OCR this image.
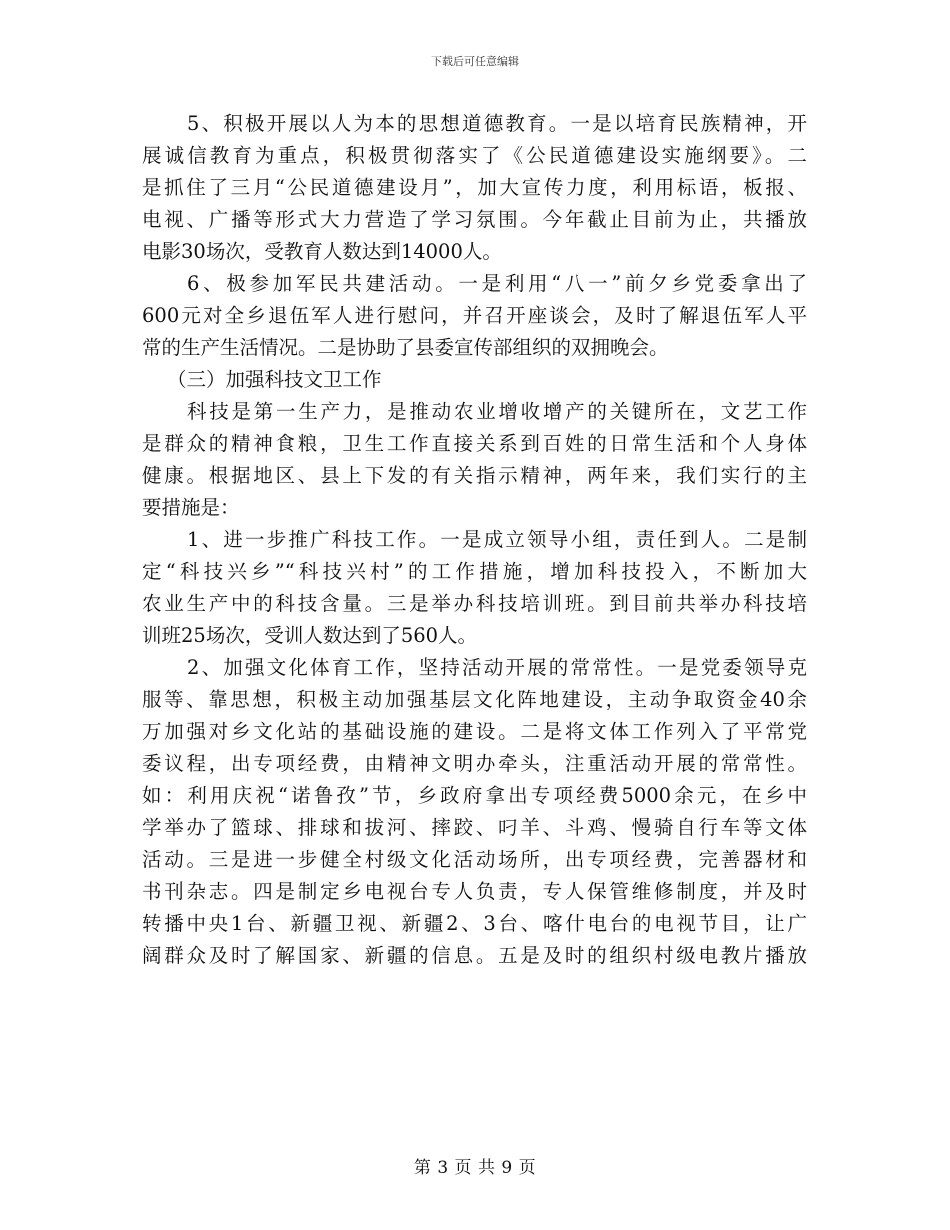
下载后可任意编辑
5、积极开展以人为本的思想道德教育。一是以培育民族精神，开
展诚信教育为重点，积极贯彻落实了《公民道德建设实施纲要》。二
是抓住了三月“公民道德建设月”，加大宣传力度，利用标语，板报、
电视、广播等形式大力营造了学习氛围。今年截止目前为止，共播放
电影30场次，受教育人数达到14000人。
6、极参加军民共建活动。一是利用“八一”前夕乡党委拿出了
600元对全乡退伍军人进行慰问，并召开座谈会，及时了解退伍军人平
常的生产生活情况。二是协助了县委宣传部组织的双拥晚会。
（三）加强科技文卫工作
科技是第一生产力，是推动农业增收增产的关键所在，文艺工作
是群众的精神食粮，卫生工作直接关系到百姓的日常生活和个人身体
健康。根据地区、县上下发的有关指示精神，两年来，我们实行的主
要措施是：
1、进一步推广科技工作。一是成立领导小组，责任到人。二是制
定“科技兴乡”“科技兴村”的工作措施，增加科技投入，不断加大
农业生产中的科技含量。三是举办科技培训班。到目前共举办科技培
训班25场次，受训人数达到了560人。
2、加强文化体育工作，坚持活动开展的常常性。一是党委领导克
服等、靠思想，积极主动加强基层文化阵地建设，主动争取资金40余
万加强对乡文化站的基础设施的建设。二是将文体工作列入了平常党
委议程，出专项经费，由精神文明办牵头，注重活动开展的常常性。
如：利用庆祝“诺鲁孜”节，乡政府拿出专项经费5000余元，在乡中
学举办了篮球、排球和拔河、摔跤、叼羊、斗鸡、慢骑自行车等文体
活动。三是进一步健全村级文化活动场所，出专项经费，完善器材和
书刊杂志。四是制定乡电视台专人负责，专人保管维修制度，并及时
转播中央1台、新疆卫视、新疆2、3台、喀什电台的电视节目，让广
阔群众及时了解国家、新疆的信息。五是及时的组织村级电教片播放
第 3 页 共 9 页
